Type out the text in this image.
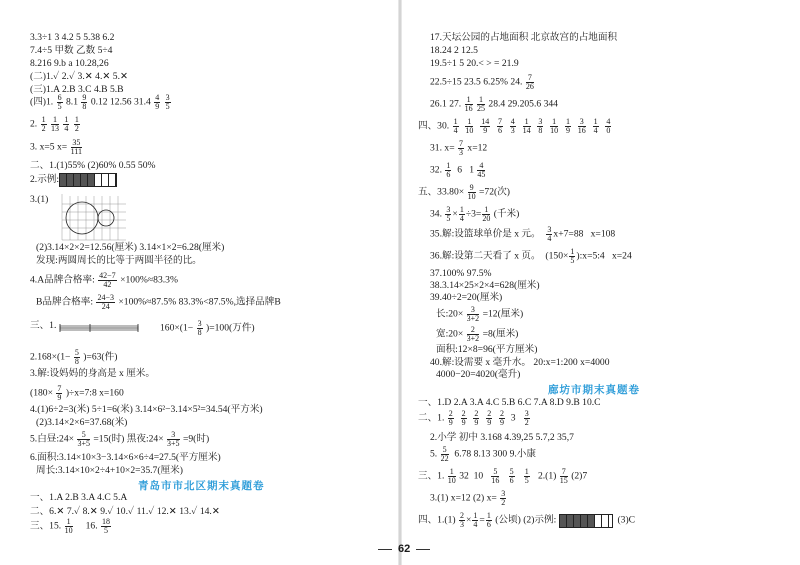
3.3÷1 3 4.2 5 5.38 6.2
7.4÷5 甲数 乙数 5÷4
8.216 9.b a 10.28,26
(二)1.✓ 2.✓ 3.✕ 4.✕ 5.✕
(三)1.A 2.B 3.C 4.B 5.B
(四)1. $\frac{6}{5} 8.1 \frac{9}{8} 0.12$ 12.56 $31.4 \frac{4}{9}$
$\frac{3}{5}$
2. $\frac{1}{2}$
$\frac{1}{13}$
$\frac{1}{4}$
$\frac{1}{2}$
3. x=5 $x= \frac{35}{111}$
二、1.(1)55% (2)60% 0.55 50%
2.示例:
3.(1)
(2)3.14×2×2=12.56(厘米) 3.14×1×2=6.28(厘米)
发现:两圆周长的比等于两圆半径的比。
4.A品牌合格率: $\frac{42-7}{42} \times 100\%\approx 83.3\%$
B品牌合格率: $\frac{24-3}{24} \times 100\%\approx 87.5\%$ 83.3%<87.5%,选择品牌B
三、1.	$160\times(1- \frac{3}{8} )=100$(万件)
$2.168\times(1- \frac{5}{8} )=63$(件)
3.解:设妈妈的身高是 x 厘米。
($180\times \frac{7}{9}$ )÷x=7:8 x=160
4.(1)6÷2=3(米) 5÷1=6(米) 3.14×6²−3.14×5²=34.54(平方米)
(2)3.14×2×6=37.68(米)
5.白昼:24× $\frac{5}{3+5} =15$(时) 黑夜:24× $\frac{3}{3+5} =9$(时)
6.面积:3.14×10×3−3.14×6×6÷4=27.5(平方厘米)
周长:3.14×10×2÷4+10×2=35.7(厘米)
青岛市市北区期末真题卷
一、1.A 2.B 3.A 4.C 5.A
二、6.✕ 7.✓ 8.✕ 9.✓ 10.✓ 11.✓ 12.✕ 13.✓ 14.✕
三、15. $\frac{1}{10} 16$. $\frac{18}{5}$
17.天坛公园的占地面积 北京故宫的占地面积
18.24 2 12.5
19.5÷1 5 20.< > = 21.9
22.5÷15 23.5 6.25% 24. $\frac{7}{26}$
26.1 27. $\frac{1}{16}$
$\frac{1}{25} 28.4$ 29.205.6 344
四、30. $\frac{1}{4}$
$\frac{1}{10}$
$\frac{14}{9}$
$\frac{7}{6}$
$\frac{4}{3}$
$\frac{1}{14}$
$\frac{3}{8}$
$\frac{1}{10}$
$\frac{1}{9}$
$\frac{3}{16}$
$\frac{1}{4}$
$\frac{4}{0}$
31. $x= \frac{7}{3} x=12$
32. $\frac{1}{6} 6$   $1 \frac{4}{45}$
五、$33.80\times \frac{9}{10} =72$(次)
34. $\frac{3}{5} \times \frac{1}{4} \div 3= \frac{1}{20}$ (千米)
35.解:设篮球单价是 x 元。 $\frac{3}{4} x+7=88$   x=108
36.解:设第二天看了 x 页。  ($150\times \frac{1}{5}$ ):x=5:4   x=24
37.100% 97.5%
38.3.14×25×2×4=628(厘米)
39.40÷2=20(厘米)
长:20× $\frac{3}{3+2} =12$(厘米)
宽:20× $\frac{2}{3+2} =8$(厘米)
面积:12×8=96(平方厘米)
40.解:设需要 x 毫升水。 20:x=1:200 x=4000
4000−20=4020(毫升)
廊坊市期末真题卷
一、1.D 2.A 3.A 4.C 5.B 6.C 7.A 8.D 9.B 10.C
二、1. $\frac{2}{9}$
$\frac{2}{9}$
$\frac{2}{9}$
$\frac{2}{9}$
$\frac{2}{9} 3 \frac{3}{2}$
2.小学 初中 3.168 4.39,25 5.7,2 35,7
5. $\frac{5}{22} 6.78$ 8.13 300 9.小康
三、1. $\frac{1}{10} 32$  $10 \frac{5}{16}$
$\frac{5}{6}$
$\frac{1}{5} 2.(1) \frac{7}{15} (2)7$
3.(1) x=12 (2) $x= \frac{3}{2}$
四、$1.(1) \frac{2}{3} \times \frac{1}{4} = \frac{1}{6}$ (公顷) (2)示例:	(3)C
62
